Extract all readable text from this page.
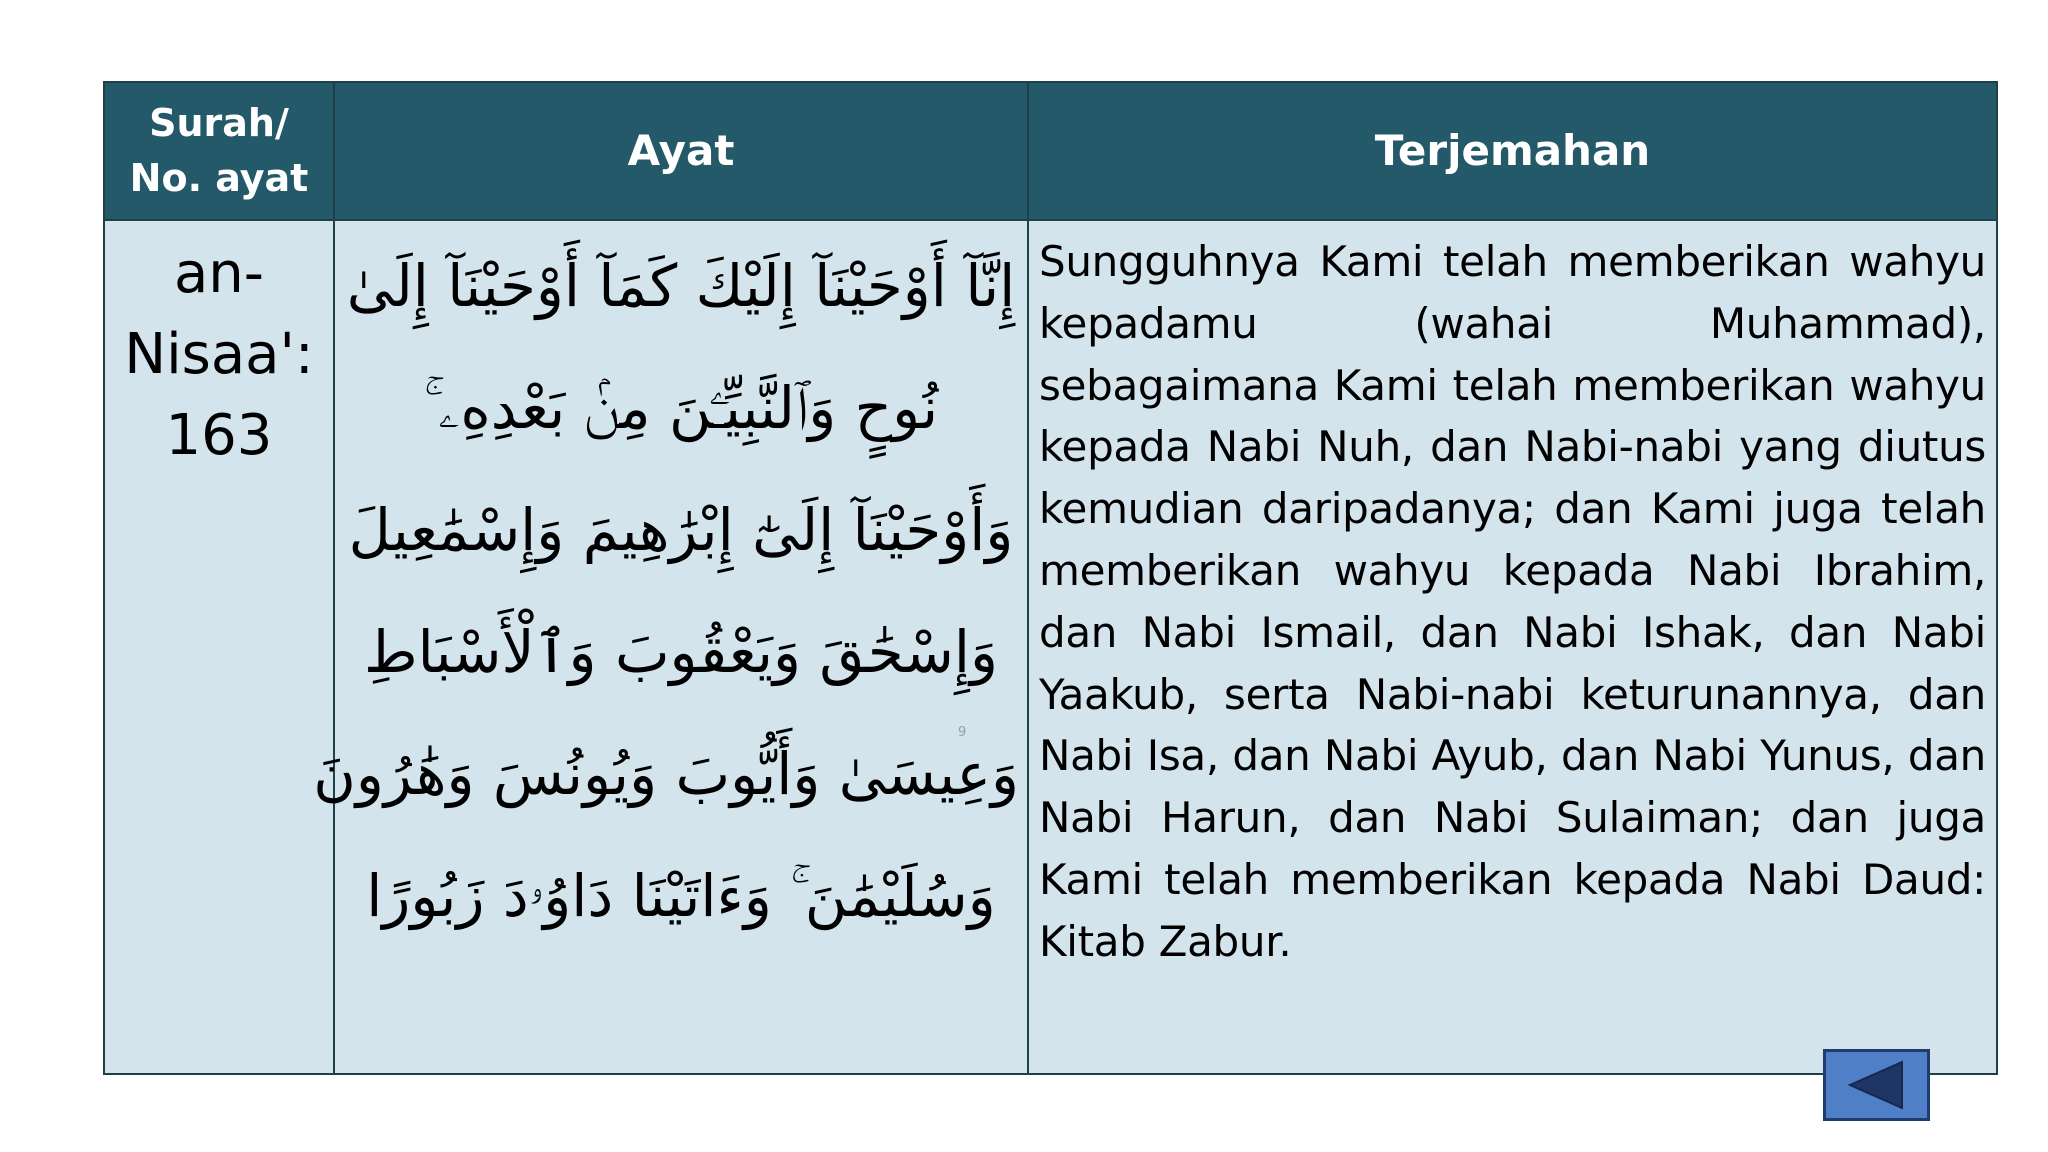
Surah/
No. ayat
Ayat	Terjemahan
an-
Nisaa':
163
إِنَّآ أَوْحَيْنَآ إِلَيْكَ كَمَآ أَوْحَيْنَآ إِلَىٰ
نُوحٍ وَٱلنَّبِيِّـۧنَ مِنۢ بَعْدِهِۦ ۚ
وَأَوْحَيْنَآ إِلَىٰٓ إِبْرَٰهِيمَ وَإِسْمَٰعِيلَ
وَإِسْحَٰقَ وَيَعْقُوبَ وَٱلْأَسْبَاطِ
وَعِيسَىٰ وَأَيُّوبَ وَيُونُسَ وَهَٰرُونَ
وَسُلَيْمَٰنَ ۚ وَءَاتَيْنَا دَاوُۥدَ زَبُورًا
Sungguhnya Kami telah memberikan wahyu kepadamu (wahai Muhammad), sebagaimana Kami telah memberikan wahyu kepada Nabi Nuh, dan Nabi-nabi yang diutus kemudian daripadanya; dan Kami juga telah memberikan wahyu kepada Nabi Ibrahim, dan Nabi Ismail, dan Nabi Ishak, dan Nabi Yaakub, serta Nabi-nabi keturunannya, dan Nabi Isa, dan Nabi Ayub, dan Nabi Yunus, dan Nabi Harun, dan Nabi Sulaiman; dan juga Kami telah memberikan kepada Nabi Daud: Kitab Zabur.
9
